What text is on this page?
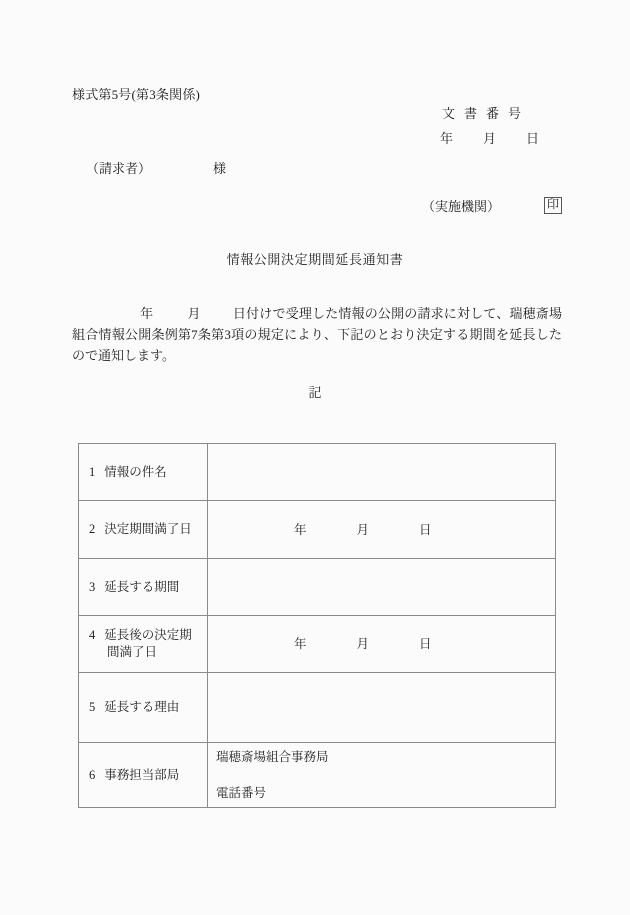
様式第5号(第3条関係)
文書番号
年 月 日
（請求者）	様
（実施機関）	印
情報公開決定期間延長通知書
年	月 日付けで受理した情報の公開の請求に対して、瑞穂斎場組合情報公開条例第7条第3項の規定により、下記のとおり決定する期間を延長したので通知します。
記
1 情報の件名	
2 決定期間満了日	年 月 日
3 延長する期間	
4 延長後の決定期
間満了日	年 月 日
5 延長する理由	
6 事務担当部局	瑞穂斎場組合事務局
電話番号
